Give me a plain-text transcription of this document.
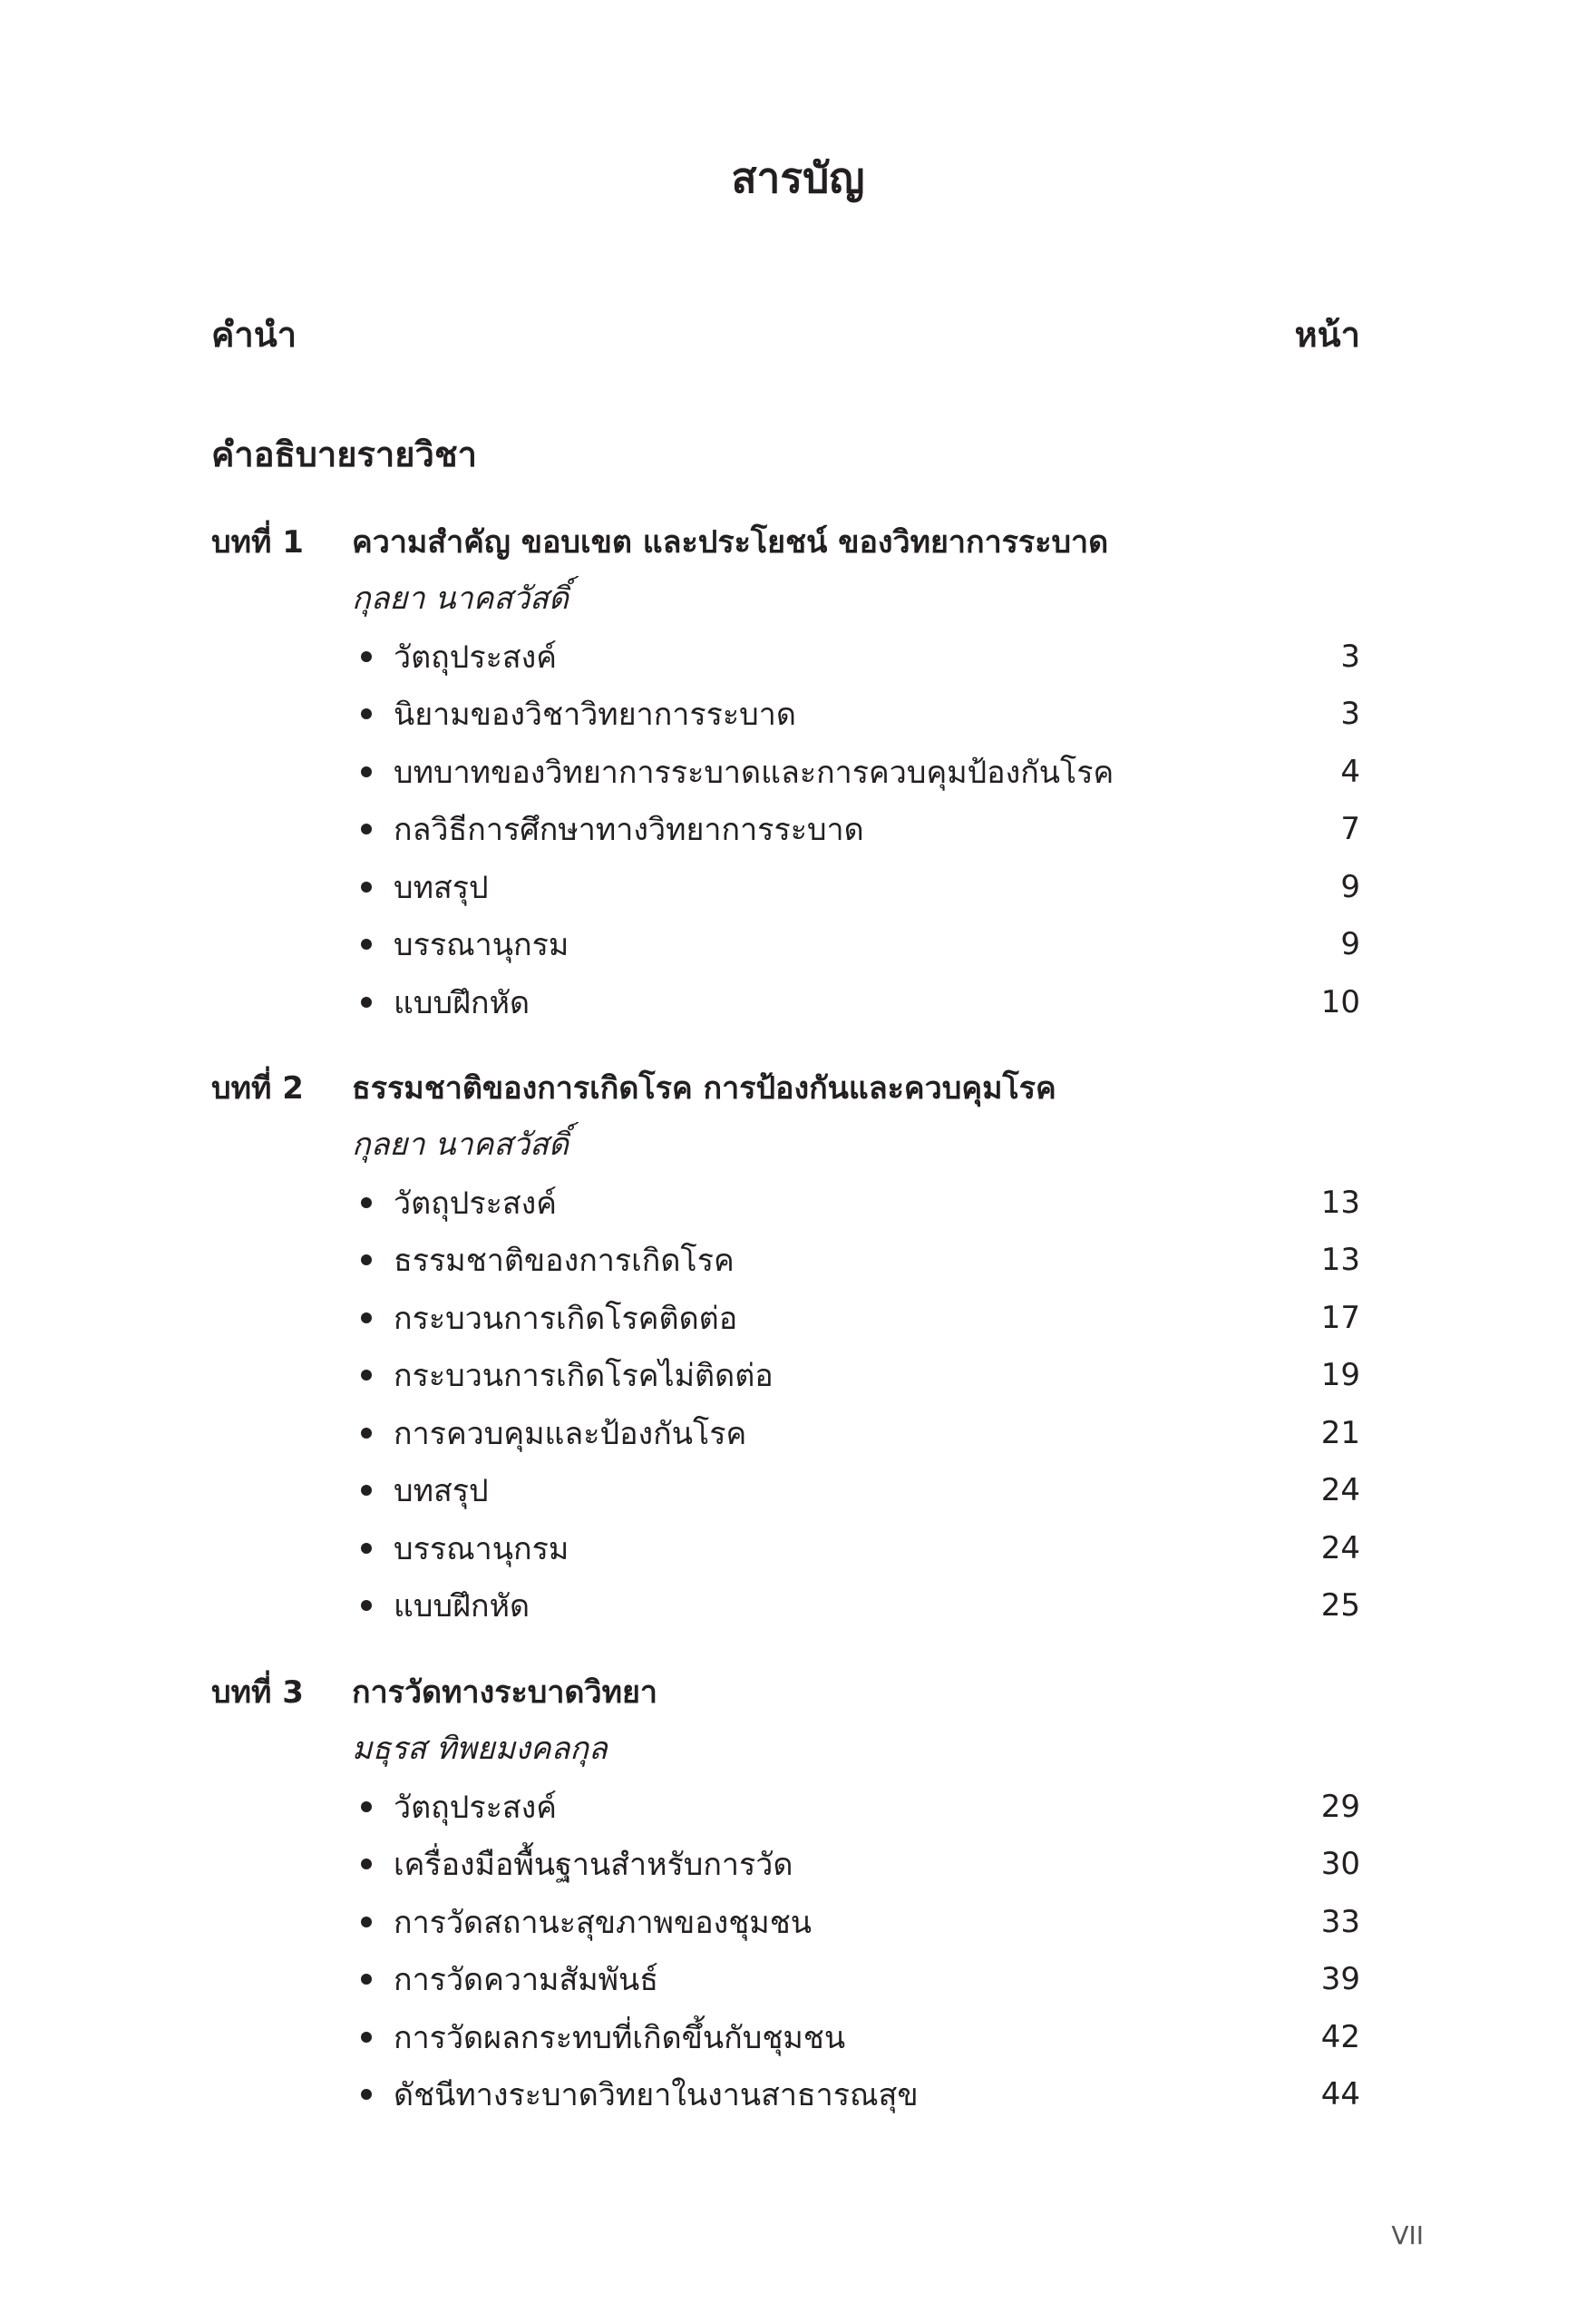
สารบัญ
คำนำ	หน้า
คำอธิบายรายวิชา
บทที่ 1	ความสำคัญ ขอบเขต และประโยชน์ ของวิทยาการระบาด
กุลยา นาคสวัสดิ์
วัตถุประสงค์	3
นิยามของวิชาวิทยาการระบาด	3
บทบาทของวิทยาการระบาดและการควบคุมป้องกันโรค	4
กลวิธีการศึกษาทางวิทยาการระบาด	7
บทสรุป	9
บรรณานุกรม	9
แบบฝึกหัด	10
บทที่ 2	ธรรมชาติของการเกิดโรค การป้องกันและควบคุมโรค
กุลยา นาคสวัสดิ์
วัตถุประสงค์	13
ธรรมชาติของการเกิดโรค	13
กระบวนการเกิดโรคติดต่อ	17
กระบวนการเกิดโรคไม่ติดต่อ	19
การควบคุมและป้องกันโรค	21
บทสรุป	24
บรรณานุกรม	24
แบบฝึกหัด	25
บทที่ 3	การวัดทางระบาดวิทยา
มธุรส ทิพยมงคลกุล
วัตถุประสงค์	29
เครื่องมือพื้นฐานสำหรับการวัด	30
การวัดสถานะสุขภาพของชุมชน	33
การวัดความสัมพันธ์	39
การวัดผลกระทบที่เกิดขึ้นกับชุมชน	42
ดัชนีทางระบาดวิทยาในงานสาธารณสุข	44
VII
